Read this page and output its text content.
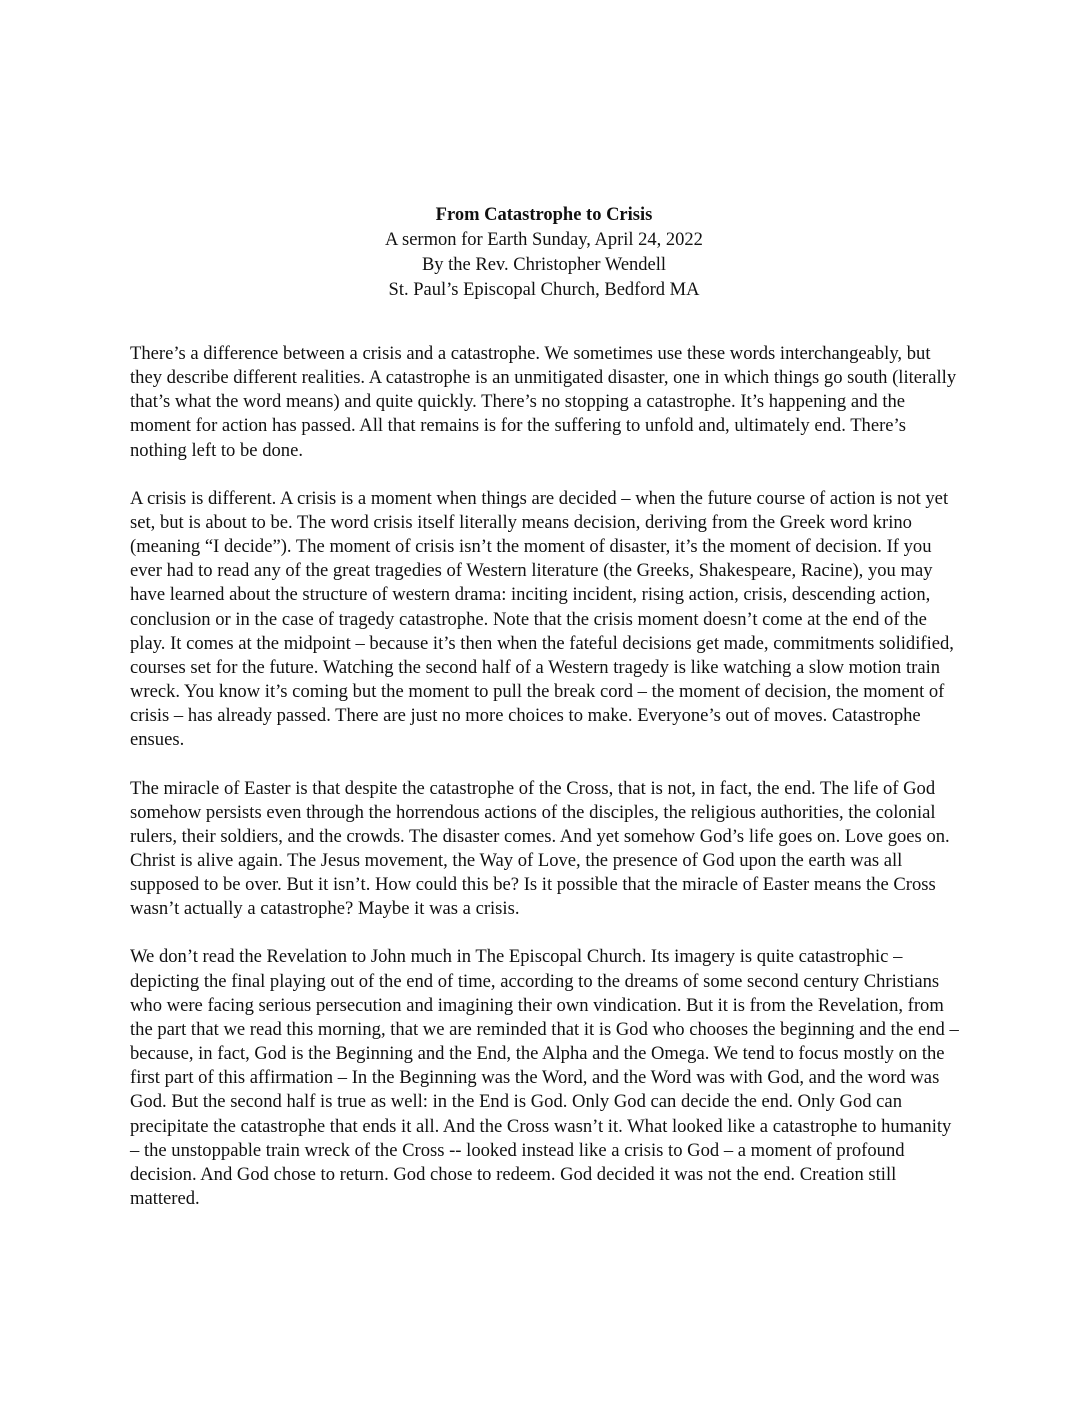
From Catastrophe to Crisis
A sermon for Earth Sunday, April 24, 2022
By the Rev. Christopher Wendell
St. Paul’s Episcopal Church, Bedford MA

There’s a difference between a crisis and a catastrophe. We sometimes use these words interchangeably, but they describe different realities. A catastrophe is an unmitigated disaster, one in which things go south (literally that’s what the word means) and quite quickly. There’s no stopping a catastrophe. It’s happening and the moment for action has passed. All that remains is for the suffering to unfold and, ultimately end. There’s nothing left to be done.

A crisis is different. A crisis is a moment when things are decided – when the future course of action is not yet set, but is about to be. The word crisis itself literally means decision, deriving from the Greek word krino (meaning “I decide”). The moment of crisis isn’t the moment of disaster, it’s the moment of decision. If you ever had to read any of the great tragedies of Western literature (the Greeks, Shakespeare, Racine), you may have learned about the structure of western drama: inciting incident, rising action, crisis, descending action, conclusion or in the case of tragedy catastrophe. Note that the crisis moment doesn’t come at the end of the play. It comes at the midpoint – because it’s then when the fateful decisions get made, commitments solidified, courses set for the future. Watching the second half of a Western tragedy is like watching a slow motion train wreck. You know it’s coming but the moment to pull the break cord – the moment of decision, the moment of crisis – has already passed. There are just no more choices to make. Everyone’s out of moves. Catastrophe ensues.

The miracle of Easter is that despite the catastrophe of the Cross, that is not, in fact, the end. The life of God somehow persists even through the horrendous actions of the disciples, the religious authorities, the colonial rulers, their soldiers, and the crowds. The disaster comes. And yet somehow God’s life goes on. Love goes on. Christ is alive again. The Jesus movement, the Way of Love, the presence of God upon the earth was all supposed to be over. But it isn’t. How could this be? Is it possible that the miracle of Easter means the Cross wasn’t actually a catastrophe? Maybe it was a crisis.

We don’t read the Revelation to John much in The Episcopal Church. Its imagery is quite catastrophic – depicting the final playing out of the end of time, according to the dreams of some second century Christians who were facing serious persecution and imagining their own vindication. But it is from the Revelation, from the part that we read this morning, that we are reminded that it is God who chooses the beginning and the end – because, in fact, God is the Beginning and the End, the Alpha and the Omega. We tend to focus mostly on the first part of this affirmation – In the Beginning was the Word, and the Word was with God, and the word was God. But the second half is true as well: in the End is God. Only God can decide the end. Only God can precipitate the catastrophe that ends it all. And the Cross wasn’t it. What looked like a catastrophe to humanity – the unstoppable train wreck of the Cross -- looked instead like a crisis to God – a moment of profound decision. And God chose to return. God chose to redeem. God decided it was not the end. Creation still mattered.
